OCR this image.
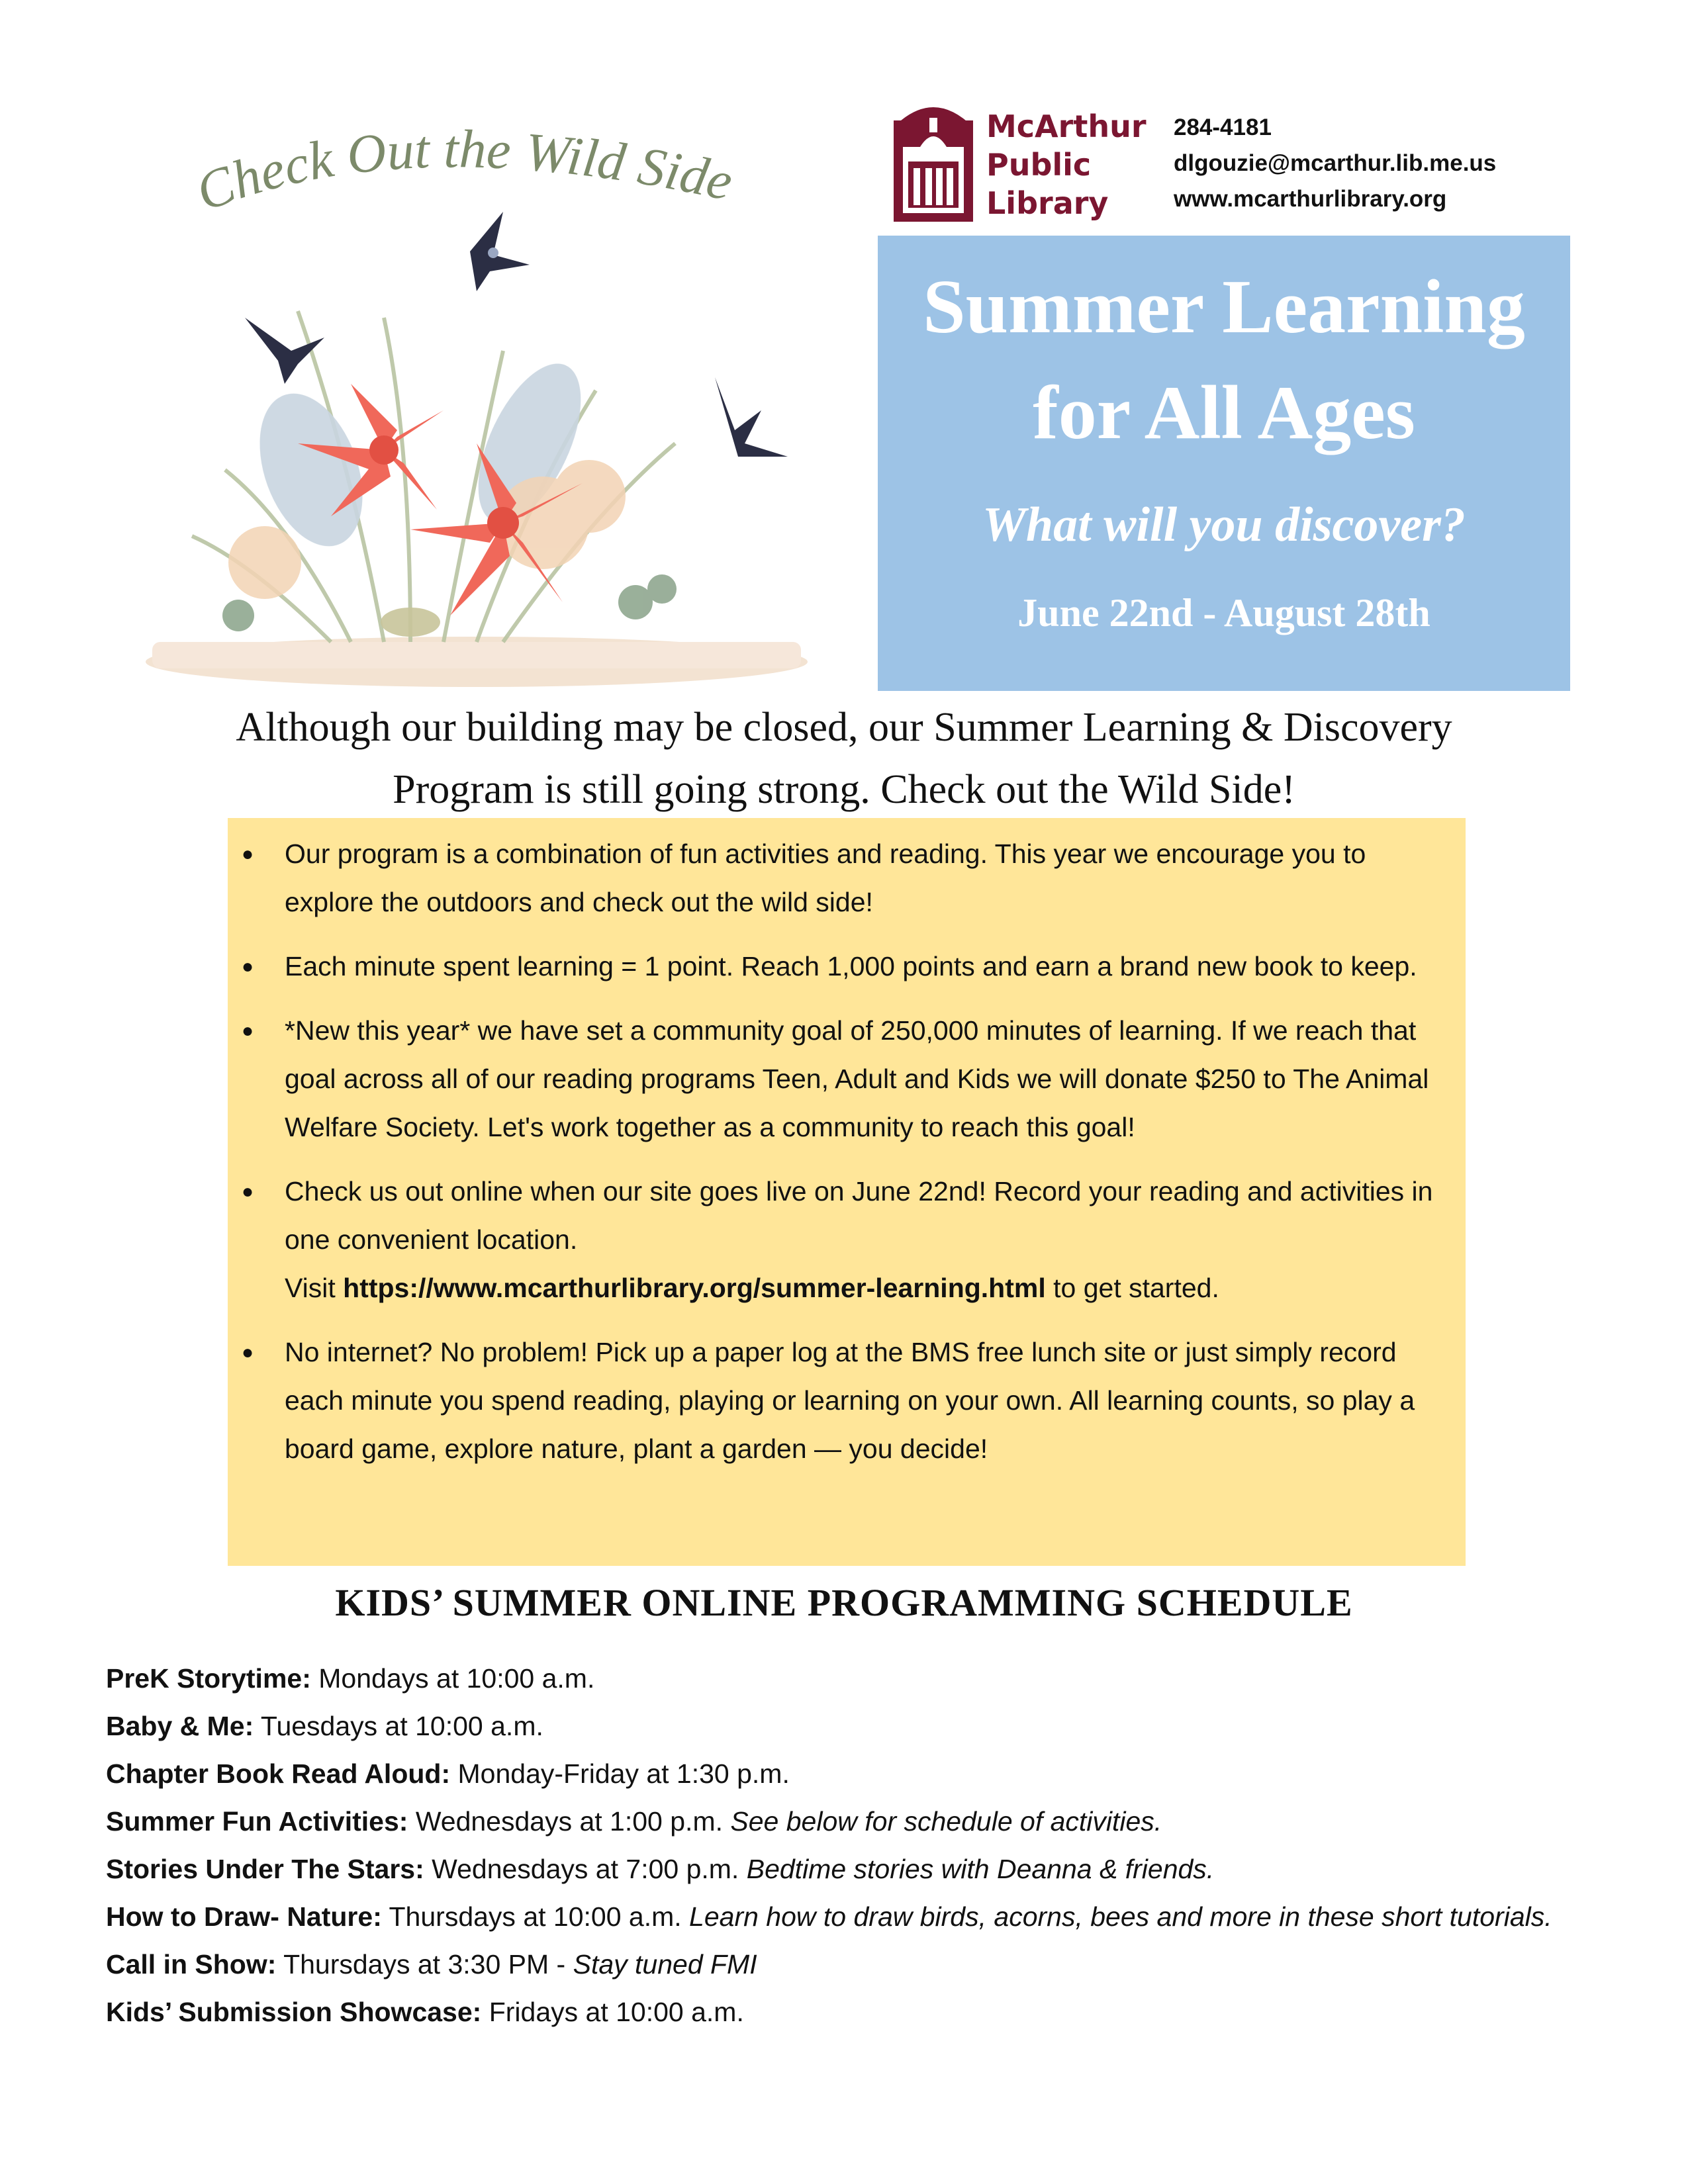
Check Out the Wild Side
McArthur
Public
Library
284-4181
dlgouzie@mcarthur.lib.me.us
www.mcarthurlibrary.org
Summer Learning
for All Ages
What will you discover?
June 22nd - August 28th
Although our building may be closed, our Summer Learning & Discovery
Program is still going strong. Check out the Wild Side!
● Our program is a combination of fun activities and reading. This year we encourage you to explore the outdoors and check out the wild side!
● Each minute spent learning = 1 point. Reach 1,000 points and earn a brand new book to keep.
● *New this year* we have set a community goal of 250,000 minutes of learning. If we reach that goal across all of our reading programs Teen, Adult and Kids we will donate $250 to The Animal Welfare Society. Let's work together as a community to reach this goal!
● Check us out online when our site goes live on June 22nd! Record your reading and activities in one convenient location.
Visit https://www.mcarthurlibrary.org/summer-learning.html to get started.
● No internet? No problem! Pick up a paper log at the BMS free lunch site or just simply record each minute you spend reading, playing or learning on your own. All learning counts, so play a board game, explore nature, plant a garden — you decide!
KIDS’ SUMMER ONLINE PROGRAMMING SCHEDULE
PreK Storytime: Mondays at 10:00 a.m.
Baby & Me: Tuesdays at 10:00 a.m.
Chapter Book Read Aloud: Monday-Friday at 1:30 p.m.
Summer Fun Activities: Wednesdays at 1:00 p.m. See below for schedule of activities.
Stories Under The Stars: Wednesdays at 7:00 p.m. Bedtime stories with Deanna & friends.
How to Draw- Nature: Thursdays at 10:00 a.m. Learn how to draw birds, acorns, bees and more in these short tutorials.
Call in Show: Thursdays at 3:30 PM - Stay tuned FMI
Kids’ Submission Showcase: Fridays at 10:00 a.m.
